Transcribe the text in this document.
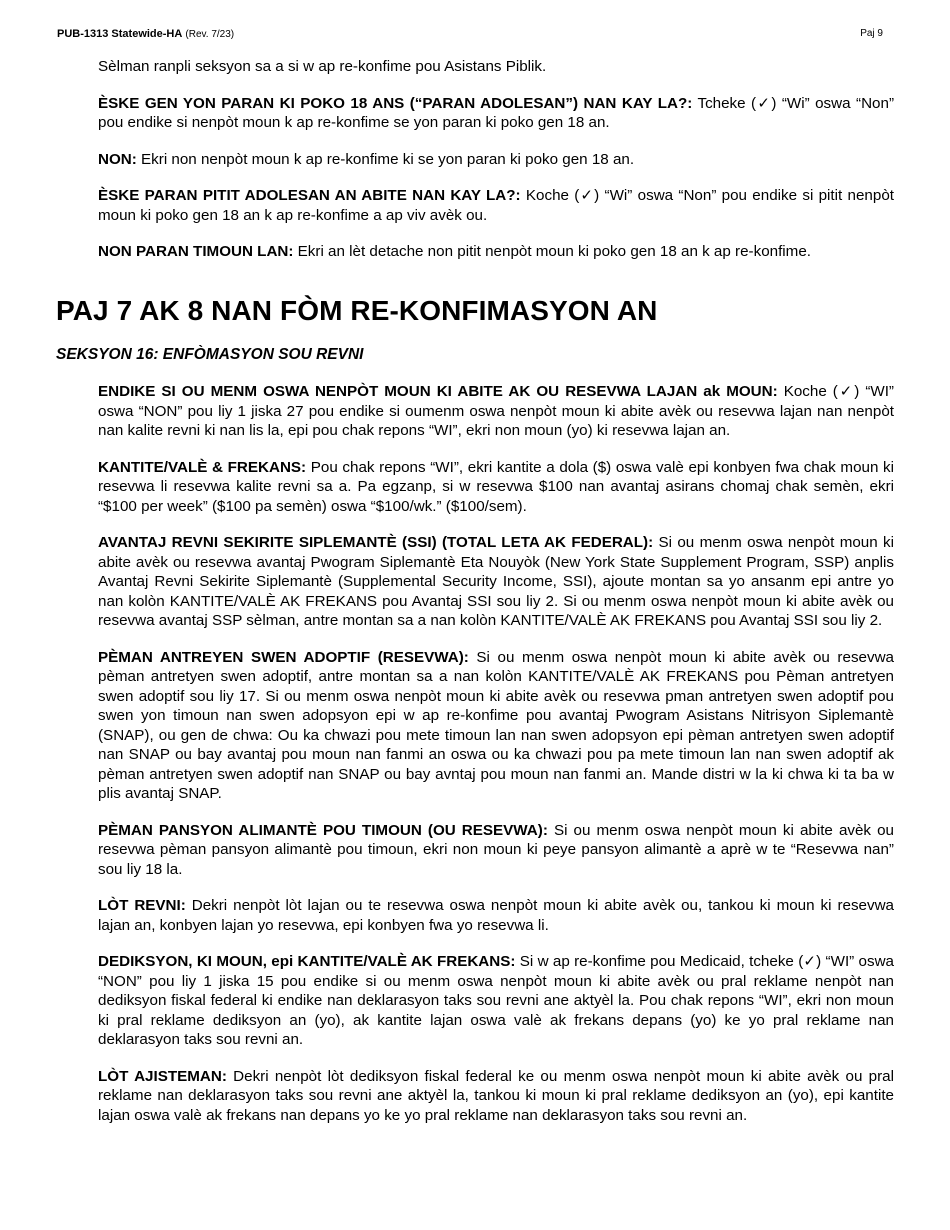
PUB-1313 Statewide-HA (Rev. 7/23)	Paj 9

Sèlman ranpli seksyon sa a si w ap re-konfime pou Asistans Piblik.

ÈSKE GEN YON PARAN KI POKO 18 ANS (“PARAN ADOLESAN”) NAN KAY LA?: Tcheke (✓) “Wi” oswa “Non” pou endike si nenpòt moun k ap re-konfime se yon paran ki poko gen 18 an.

NON: Ekri non nenpòt moun k ap re-konfime ki se yon paran ki poko gen 18 an.

ÈSKE PARAN PITIT ADOLESAN AN ABITE NAN KAY LA?: Koche (✓) “Wi” oswa “Non” pou endike si pitit nenpòt moun ki poko gen 18 an k ap re-konfime a ap viv avèk ou.

NON PARAN TIMOUN LAN: Ekri an lèt detache non pitit nenpòt moun ki poko gen 18 an k ap re-konfime.

PAJ 7 AK 8 NAN FÒM RE-KONFIMASYON AN
SEKSYON 16: ENFÒMASYON SOU REVNI

ENDIKE SI OU MENM OSWA NENPÒT MOUN KI ABITE AK OU RESEVWA LAJAN ak MOUN: Koche (✓) “WI” oswa “NON” pou liy 1 jiska 27 pou endike si oumenm oswa nenpòt moun ki abite avèk ou resevwa lajan nan nenpòt nan kalite revni ki nan lis la, epi pou chak repons “WI”, ekri non moun (yo) ki resevwa lajan an.

KANTITE/VALÈ & FREKANS: Pou chak repons “WI”, ekri kantite a dola ($) oswa valè epi konbyen fwa chak moun ki resevwa li resevwa kalite revni sa a. Pa egzanp, si w resevwa $100 nan avantaj asirans chomaj chak semèn, ekri “$100 per week” ($100 pa semèn) oswa “$100/wk.” ($100/sem).

AVANTAJ REVNI SEKIRITE SIPLEMANTÈ (SSI) (TOTAL LETA AK FEDERAL): Si ou menm oswa nenpòt moun ki abite avèk ou resevwa avantaj Pwogram Siplemantè Eta Nouyòk (New York State Supplement Program, SSP) anplis Avantaj Revni Sekirite Siplemantè (Supplemental Security Income, SSI), ajoute montan sa yo ansanm epi antre yo nan kolòn KANTITE/VALÈ AK FREKANS pou Avantaj SSI sou liy 2. Si ou menm oswa nenpòt moun ki abite avèk ou resevwa avantaj SSP sèlman, antre montan sa a nan kolòn KANTITE/VALÈ AK FREKANS pou Avantaj SSI sou liy 2.

PÈMAN ANTREYEN SWEN ADOPTIF (RESEVWA): Si ou menm oswa nenpòt moun ki abite avèk ou resevwa pèman antretyen swen adoptif, antre montan sa a nan kolòn KANTITE/VALÈ AK FREKANS pou Pèman antretyen swen adoptif sou liy 17. Si ou menm oswa nenpòt moun ki abite avèk ou resevwa pman antretyen swen adoptif pou swen yon timoun nan swen adopsyon epi w ap re-konfime pou avantaj Pwogram Asistans Nitrisyon Siplemantè (SNAP), ou gen de chwa: Ou ka chwazi pou mete timoun lan nan swen adopsyon epi pèman antretyen swen adoptif nan SNAP ou bay avantaj pou moun nan fanmi an oswa ou ka chwazi pou pa mete timoun lan nan swen adoptif ak pèman antretyen swen adoptif nan SNAP ou bay avntaj pou moun nan fanmi an. Mande distri w la ki chwa ki ta ba w plis avantaj SNAP.

PÈMAN PANSYON ALIMANTÈ POU TIMOUN (OU RESEVWA): Si ou menm oswa nenpòt moun ki abite avèk ou resevwa pèman pansyon alimantè pou timoun, ekri non moun ki peye pansyon alimantè a aprè w te “Resevwa nan” sou liy 18 la.

LÒT REVNI: Dekri nenpòt lòt lajan ou te resevwa oswa nenpòt moun ki abite avèk ou, tankou ki moun ki resevwa lajan an, konbyen lajan yo resevwa, epi konbyen fwa yo resevwa li.

DEDIKSYON, KI MOUN, epi KANTITE/VALÈ AK FREKANS: Si w ap re-konfime pou Medicaid, tcheke (✓) “WI” oswa “NON” pou liy 1 jiska 15 pou endike si ou menm oswa nenpòt moun ki abite avèk ou pral reklame nenpòt nan dediksyon fiskal federal ki endike nan deklarasyon taks sou revni ane aktyèl la. Pou chak repons “WI”, ekri non moun ki pral reklame dediksyon an (yo), ak kantite lajan oswa valè ak frekans depans (yo) ke yo pral reklame nan deklarasyon taks sou revni an.

LÒT AJISTEMAN: Dekri nenpòt lòt dediksyon fiskal federal ke ou menm oswa nenpòt moun ki abite avèk ou pral reklame nan deklarasyon taks sou revni ane aktyèl la, tankou ki moun ki pral reklame dediksyon an (yo), epi kantite lajan oswa valè ak frekans nan depans yo ke yo pral reklame nan deklarasyon taks sou revni an.
